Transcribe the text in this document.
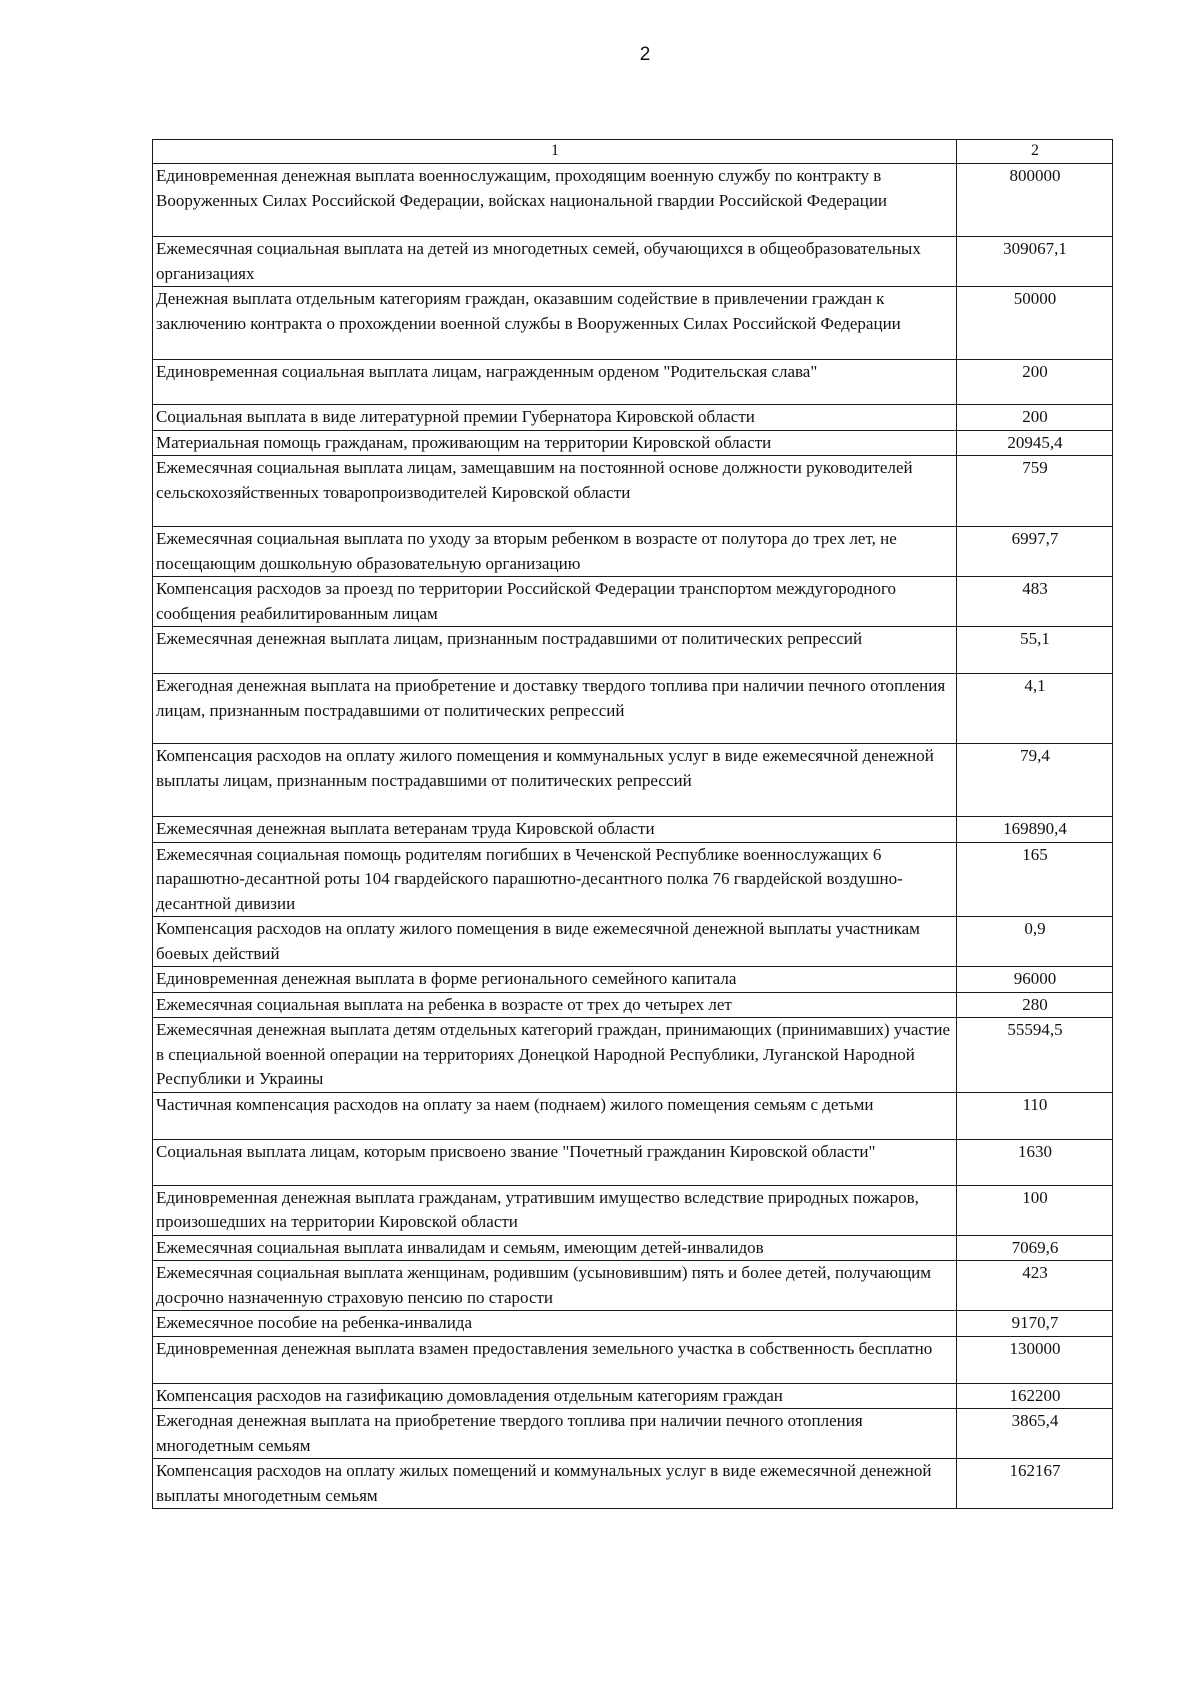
2
1	2
Единовременная денежная выплата военнослужащим, проходящим военную службу по контракту в Вооруженных Силах Российской Федерации, войсках национальной гвардии Российской Федерации	800000
Ежемесячная социальная выплата на детей из многодетных семей, обучающихся в общеобразовательных организациях	309067,1
Денежная выплата отдельным категориям граждан, оказавшим содействие в привлечении граждан к заключению контракта о прохождении военной службы в Вооруженных Силах Российской Федерации	50000
Единовременная социальная выплата лицам, награжденным орденом "Родительская слава"	200
Социальная выплата в виде литературной премии Губернатора Кировской области	200
Материальная помощь гражданам, проживающим на территории Кировской области	20945,4
Ежемесячная социальная выплата лицам, замещавшим на постоянной основе должности руководителей сельскохозяйственных товаропроизводителей Кировской области	759
Ежемесячная социальная выплата по уходу за вторым ребенком в возрасте от полутора до трех лет, не посещающим дошкольную образовательную организацию	6997,7
Компенсация расходов за проезд по территории Российской Федерации транспортом междугородного сообщения реабилитированным лицам	483
Ежемесячная денежная выплата лицам, признанным пострадавшими от политических репрессий	55,1
Ежегодная денежная выплата на приобретение и доставку твердого топлива при наличии печного отопления лицам, признанным пострадавшими от политических репрессий	4,1
Компенсация расходов на оплату жилого помещения и коммунальных услуг в виде ежемесячной денежной выплаты лицам, признанным пострадавшими от политических репрессий	79,4
Ежемесячная денежная выплата ветеранам труда Кировской области	169890,4
Ежемесячная социальная помощь родителям погибших в Чеченской Республике военнослужащих 6 парашютно-десантной роты 104 гвардейского парашютно-десантного полка 76 гвардейской воздушно-десантной дивизии	165
Компенсация расходов на оплату жилого помещения в виде ежемесячной денежной выплаты участникам боевых действий	0,9
Единовременная денежная выплата в форме регионального семейного капитала	96000
Ежемесячная социальная выплата на ребенка в возрасте от трех до четырех лет	280
Ежемесячная денежная выплата детям отдельных категорий граждан, принимающих (принимавших) участие в специальной военной операции на территориях Донецкой Народной Республики, Луганской Народной Республики и Украины	55594,5
Частичная компенсация расходов на оплату за наем (поднаем) жилого помещения семьям с детьми	110
Социальная выплата лицам, которым присвоено звание "Почетный гражданин Кировской области"	1630
Единовременная денежная выплата гражданам, утратившим имущество вследствие природных пожаров, произошедших на территории Кировской области	100
Ежемесячная социальная выплата инвалидам и семьям, имеющим детей-инвалидов	7069,6
Ежемесячная социальная выплата женщинам, родившим (усыновившим) пять и более детей, получающим досрочно назначенную страховую пенсию по старости	423
Ежемесячное пособие на ребенка-инвалида	9170,7
Единовременная денежная выплата взамен предоставления земельного участка в собственность бесплатно	130000
Компенсация расходов на газификацию домовладения отдельным категориям граждан	162200
Ежегодная денежная выплата на приобретение твердого топлива при наличии печного отопления многодетным семьям	3865,4
Компенсация расходов на оплату жилых помещений и коммунальных услуг в виде ежемесячной денежной выплаты многодетным семьям	162167
